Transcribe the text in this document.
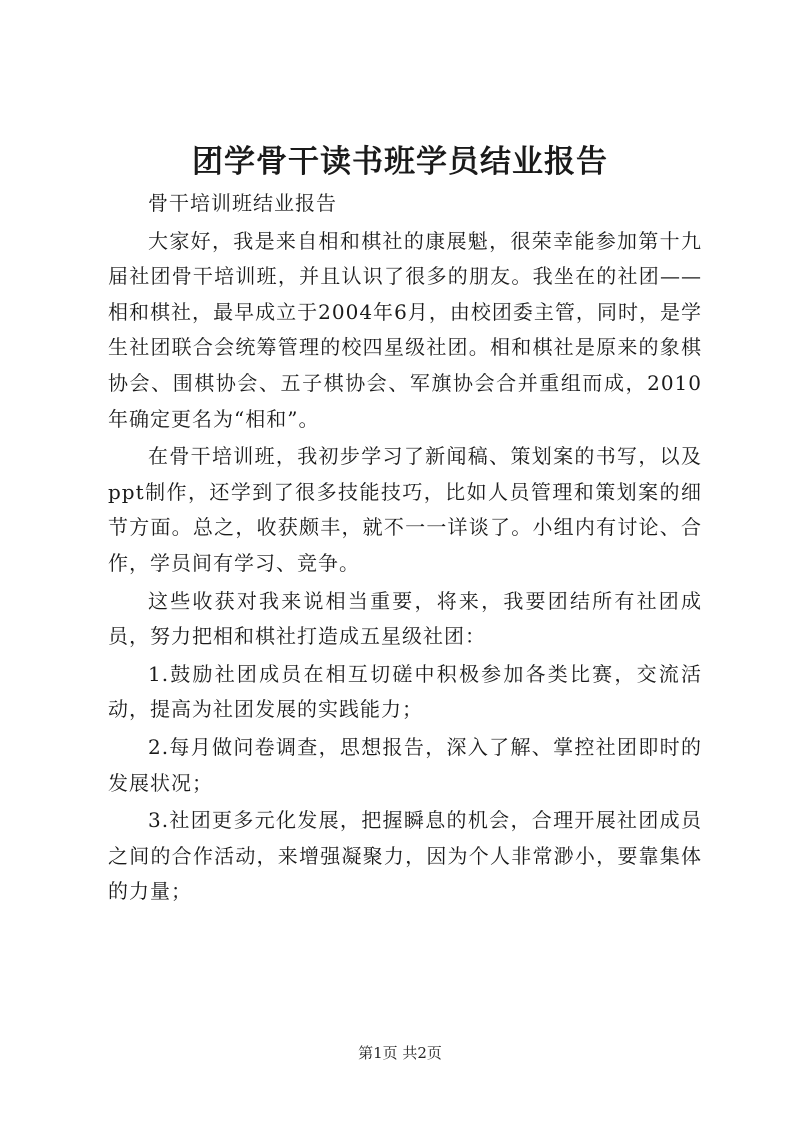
团学骨干读书班学员结业报告

骨干培训班结业报告

大家好，我是来自相和棋社的康展魁，很荣幸能参加第十九届社团骨干培训班，并且认识了很多的朋友。我坐在的社团——相和棋社，最早成立于2004年6月，由校团委主管，同时，是学生社团联合会统筹管理的校四星级社团。相和棋社是原来的象棋协会、围棋协会、五子棋协会、军旗协会合并重组而成，2010年确定更名为“相和”。

在骨干培训班，我初步学习了新闻稿、策划案的书写，以及ppt制作，还学到了很多技能技巧，比如人员管理和策划案的细节方面。总之，收获颇丰，就不一一详谈了。小组内有讨论、合作，学员间有学习、竞争。

这些收获对我来说相当重要，将来，我要团结所有社团成员，努力把相和棋社打造成五星级社团：

1.鼓励社团成员在相互切磋中积极参加各类比赛，交流活动，提高为社团发展的实践能力；

2.每月做问卷调查，思想报告，深入了解、掌控社团即时的发展状况；

3.社团更多元化发展，把握瞬息的机会，合理开展社团成员之间的合作活动，来增强凝聚力，因为个人非常渺小，要靠集体的力量；

第1页 共2页
